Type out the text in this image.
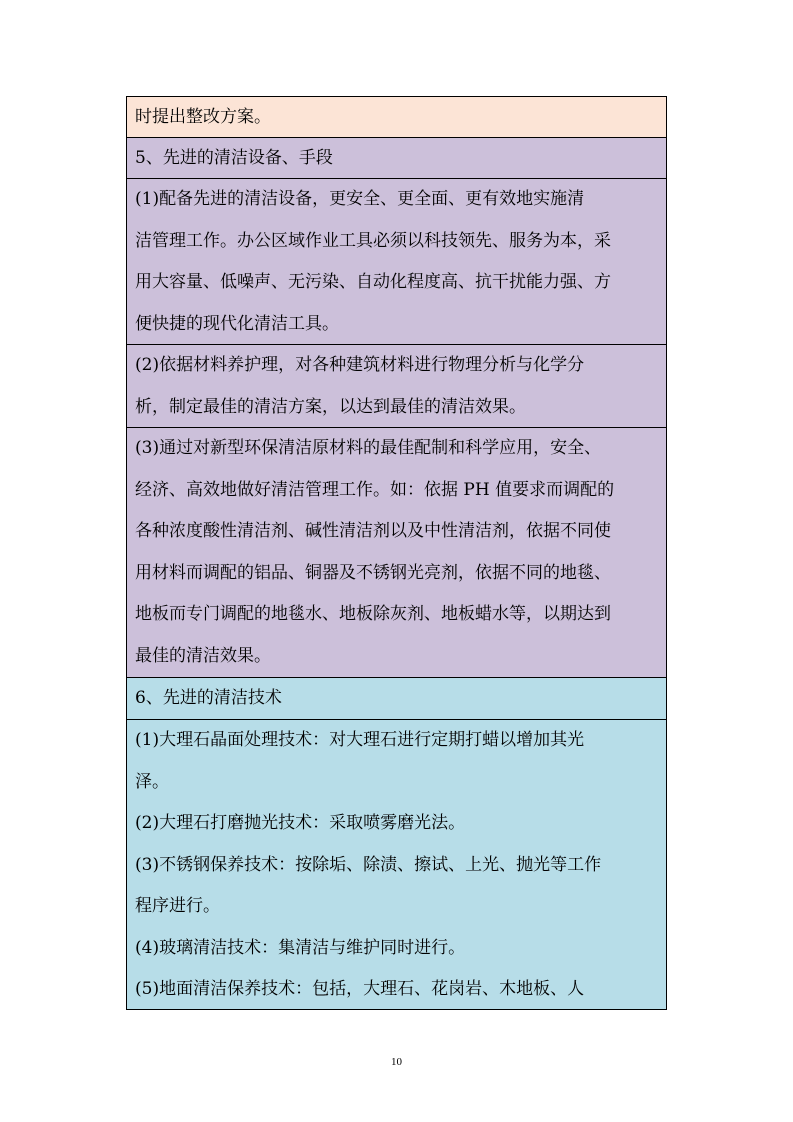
时提出整改方案。
5、先进的清洁设备、手段
(1)配备先进的清洁设备，更安全、更全面、更有效地实施清
洁管理工作。办公区域作业工具必须以科技领先、服务为本，采
用大容量、低噪声、无污染、自动化程度高、抗干扰能力强、方
便快捷的现代化清洁工具。
(2)依据材料养护理，对各种建筑材料进行物理分析与化学分
析，制定最佳的清洁方案，以达到最佳的清洁效果。
(3)通过对新型环保清洁原材料的最佳配制和科学应用，安全、
经济、高效地做好清洁管理工作。如：依据 PH 值要求而调配的
各种浓度酸性清洁剂、碱性清洁剂以及中性清洁剂，依据不同使
用材料而调配的铝品、铜器及不锈钢光亮剂，依据不同的地毯、
地板而专门调配的地毯水、地板除灰剂、地板蜡水等，以期达到
最佳的清洁效果。
6、先进的清洁技术
(1)大理石晶面处理技术：对大理石进行定期打蜡以增加其光
泽。
(2)大理石打磨抛光技术：采取喷雾磨光法。
(3)不锈钢保养技术：按除垢、除渍、擦试、上光、抛光等工作
程序进行。
(4)玻璃清洁技术：集清洁与维护同时进行。
(5)地面清洁保养技术：包括，大理石、花岗岩、木地板、人
10
